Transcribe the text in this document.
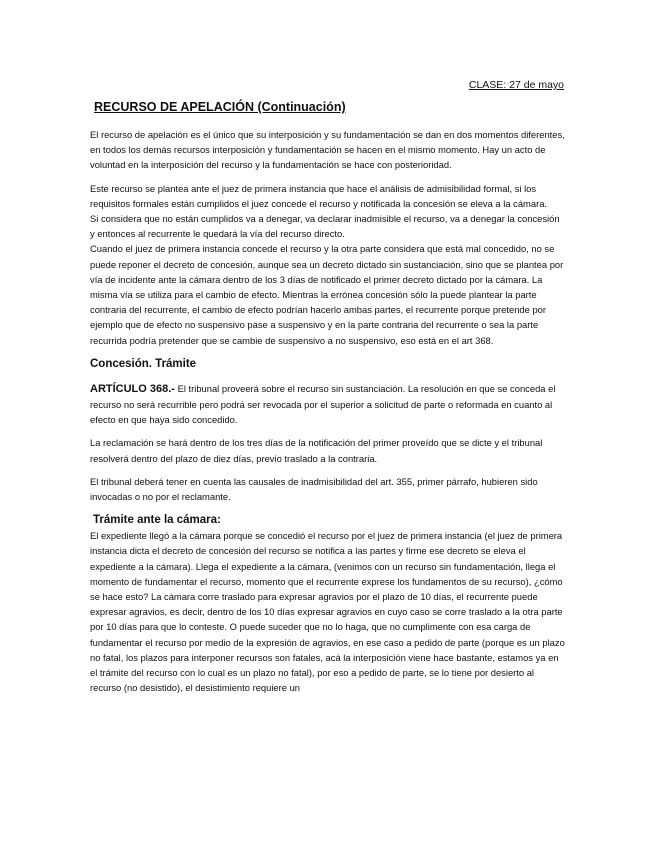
CLASE: 27 de mayo
RECURSO DE APELACIÓN (Continuación)

El recurso de apelación es el único que su interposición y su fundamentación se dan en dos momentos diferentes, en todos los demás recursos interposición y fundamentación se hacen en el mismo momento. Hay un acto de voluntad en la interposición del recurso y la fundamentación se hace con posterioridad.

Este recurso se plantea ante el juez de primera instancia que hace el análisis de admisibilidad formal, si los requisitos formales están cumplidos el juez concede el recurso y notificada la concesión se eleva a la cámara.

Si considera que no están cumplidos va a denegar, va declarar inadmisible el recurso, va a denegar la concesión y entonces al recurrente le quedará la vía del recurso directo.

Cuando el juez de primera instancia concede el recurso y la otra parte considera que está mal concedido, no se puede reponer el decreto de concesión, aunque sea un decreto dictado sin sustanciación, sino que se plantea por vía de incidente ante la cámara dentro de los 3 días de notificado el primer decreto dictado por la cámara. La misma vía se utiliza para el cambio de efecto. Mientras la errónea concesión sólo la puede plantear la parte contraria del recurrente, el cambio de efecto podrían hacerlo ambas partes, el recurrente porque pretende por ejemplo que de efecto no suspensivo pase a suspensivo y en la parte contraria del recurrente o sea la parte recurrida podría pretender que se cambie de suspensivo a no suspensivo, eso está en el art 368.

Concesión. Trámite

ARTÍCULO 368.- El tribunal proveerá sobre el recurso sin sustanciación. La resolución en que se conceda el recurso no será recurrible pero podrá ser revocada por el superior a solicitud de parte o reformada en cuanto al efecto en que haya sido concedido.

La reclamación se hará dentro de los tres días de la notificación del primer proveído que se dicte y el tribunal resolverá dentro del plazo de diez días, previo traslado a la contraria.

El tribunal deberá tener en cuenta las causales de inadmisibilidad del art. 355, primer párrafo, hubieren sido invocadas o no por el reclamante.

Trámite ante la cámara:

El expediente llegó a la cámara porque se concedió el recurso por el juez de primera instancia (el juez de primera instancia dicta el decreto de concesión del recurso se notifica a las partes y firme ese decreto se eleva el expediente a la cámara). Llega el expediente a la cámara, (venimos con un recurso sin fundamentación, llega el momento de fundamentar el recurso, momento que el recurrente exprese los fundamentos de su recurso), ¿cómo se hace esto? La cámara corre traslado para expresar agravios por el plazo de 10 días, el recurrente puede expresar agravios, es decir, dentro de los 10 días expresar agravios en cuyo caso se corre traslado a la otra parte por 10 días para que lo conteste. O puede suceder que no lo haga, que no cumplimente con esa carga de fundamentar el recurso por medio de la expresión de agravios, en ese caso a pedido de parte (porque es un plazo no fatal, los plazos para interponer recursos son fatales, acá la interposición viene hace bastante, estamos ya en el trámite del recurso con lo cual es un plazo no fatal), por eso a pedido de parte, se lo tiene por desierto al recurso (no desistido), el desistimiento requiere un
